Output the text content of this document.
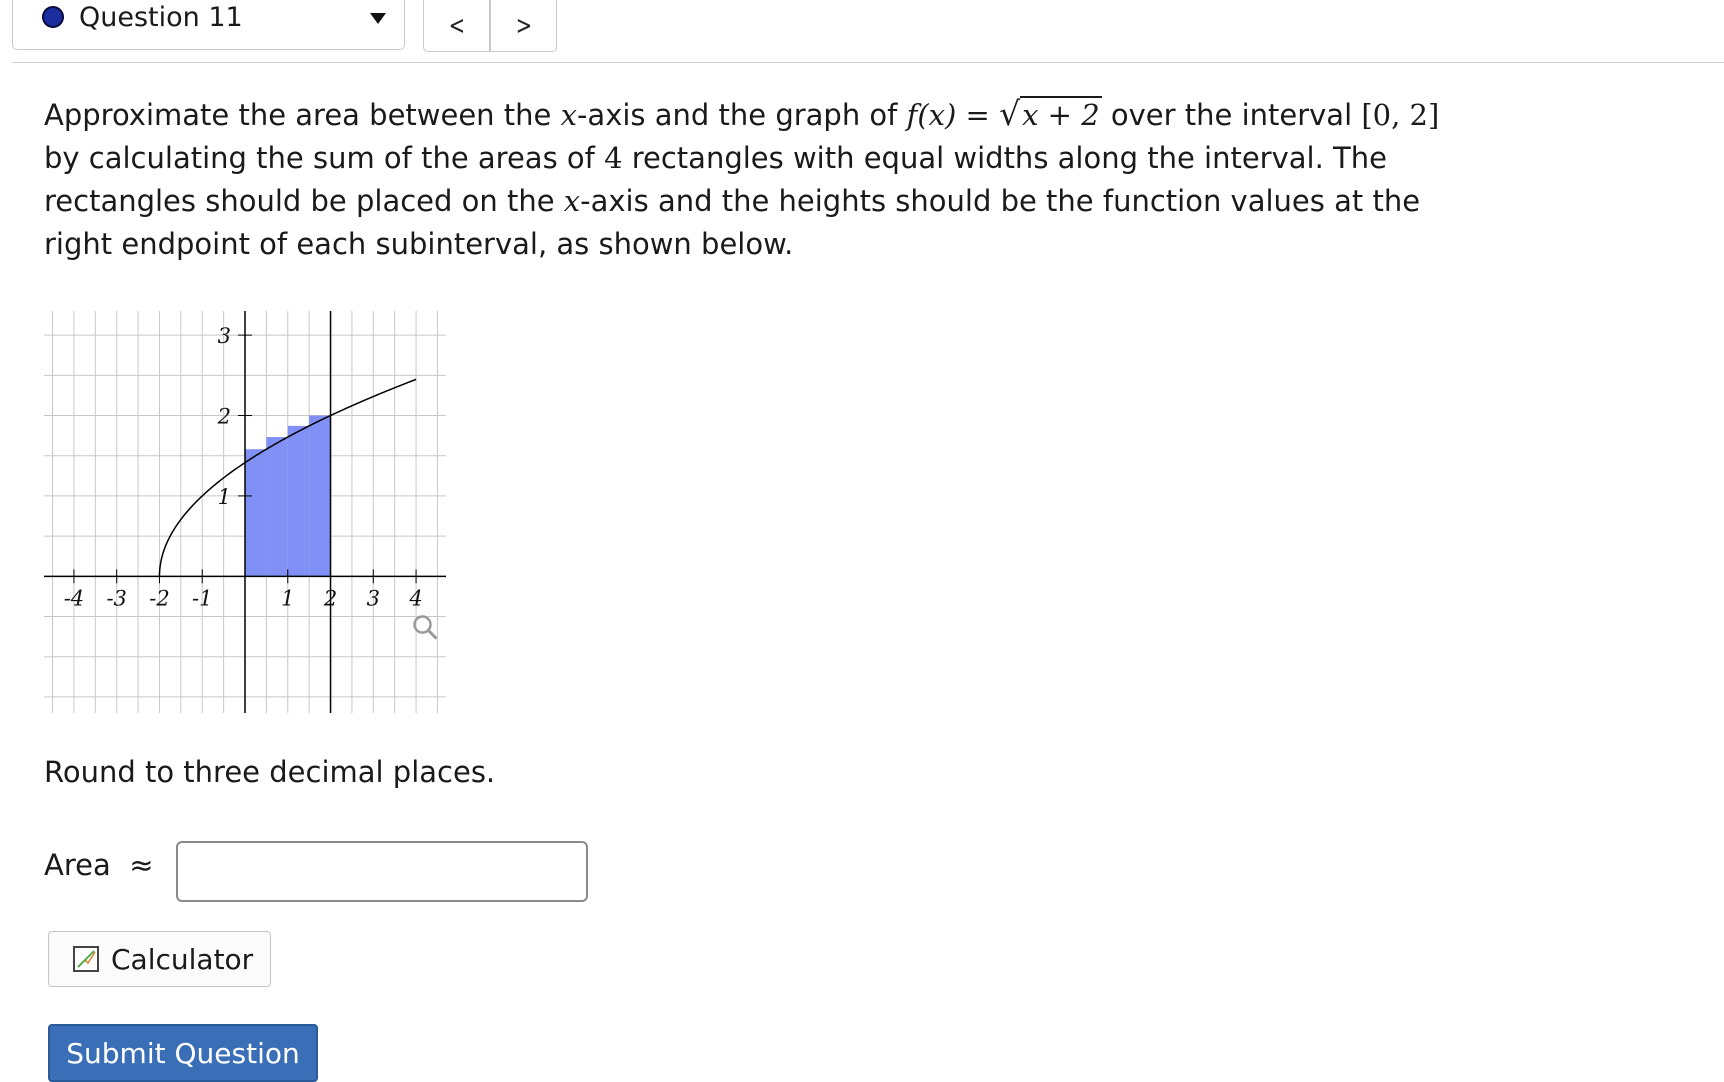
Question 11	< >
Approximate the area between the x-axis and the graph of f(x) = √x + 2 over the interval [0, 2] by calculating the sum of the areas of 4 rectangles with equal widths along the interval. The rectangles should be placed on the x-axis and the heights should be the function values at the right endpoint of each subinterval, as shown below.
-4 -3 -2 -1	1 2 3 4
1
2
3
Round to three decimal places.
Area ≈
Calculator
Submit Question
